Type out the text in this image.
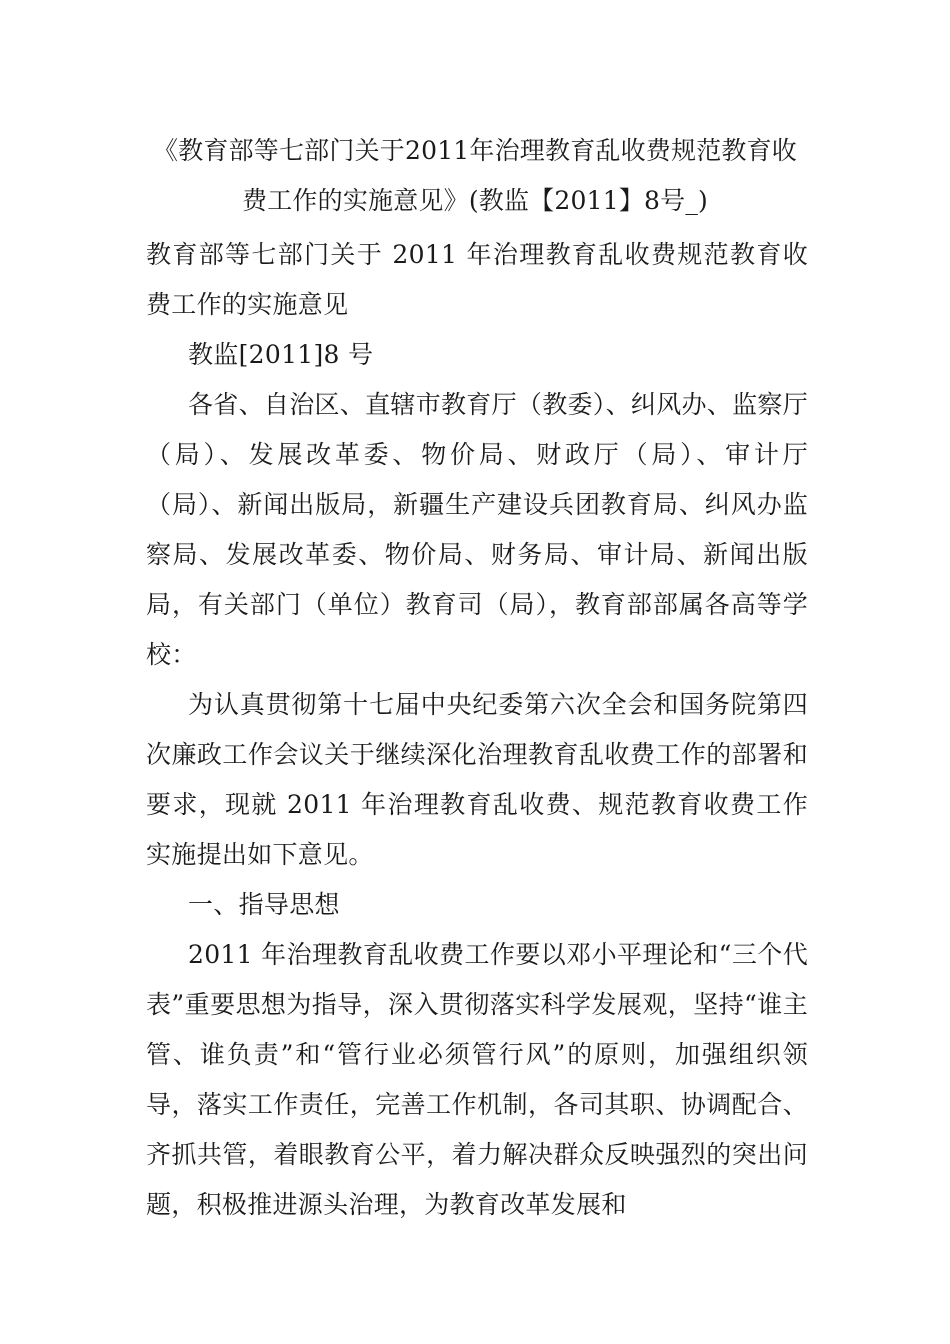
《教育部等七部门关于2011年治理教育乱收费规范教育收
费工作的实施意见》(教监【2011】8号_)

教育部等七部门关于 2011 年治理教育乱收费规范教育收费工作的实施意见

教监[2011]8 号

各省、自治区、直辖市教育厅（教委）、纠风办、监察厅（局）、发展改革委、物价局、财政厅（局）、审计厅（局）、新闻出版局，新疆生产建设兵团教育局、纠风办监察局、发展改革委、物价局、财务局、审计局、新闻出版局，有关部门（单位）教育司（局），教育部部属各高等学校：

为认真贯彻第十七届中央纪委第六次全会和国务院第四次廉政工作会议关于继续深化治理教育乱收费工作的部署和要求，现就 2011 年治理教育乱收费、规范教育收费工作实施提出如下意见。

一、指导思想

2011 年治理教育乱收费工作要以邓小平理论和“三个代表”重要思想为指导，深入贯彻落实科学发展观，坚持“谁主管、谁负责”和“管行业必须管行风”的原则，加强组织领导，落实工作责任，完善工作机制，各司其职、协调配合、齐抓共管，着眼教育公平，着力解决群众反映强烈的突出问题，积极推进源头治理，为教育改革发展和
